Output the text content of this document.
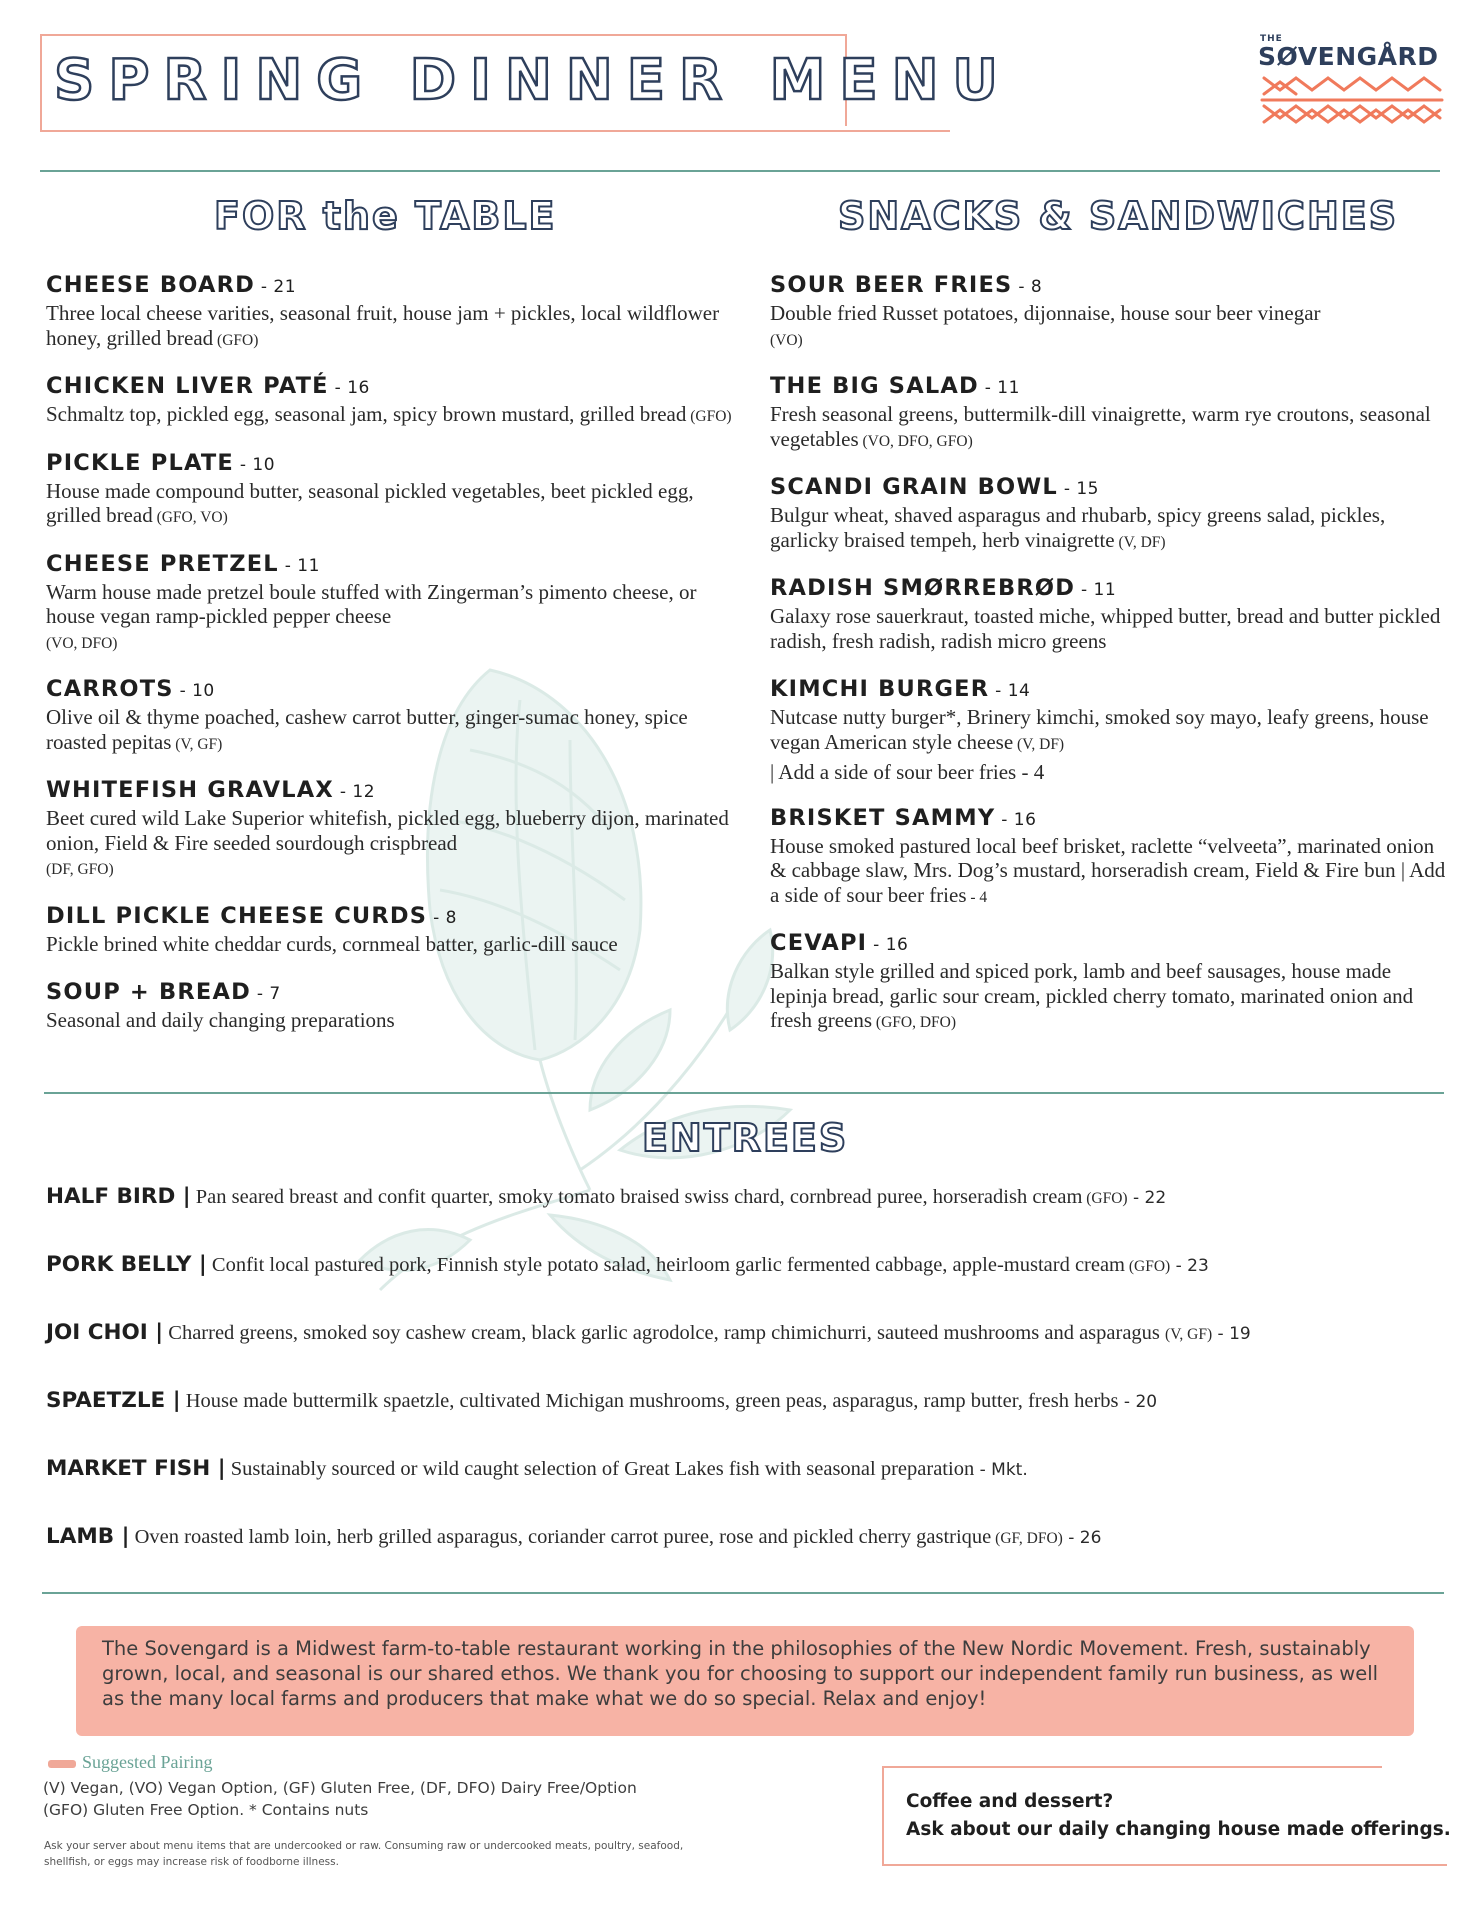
SPRING DINNER MENU
THE
SØVENGÅRD
FOR the TABLE	SNACKS & SANDWICHES
CHEESE BOARD - 21
Three local cheese varities, seasonal fruit, house jam + pickles, local wildflower honey, grilled bread (GFO)
CHICKEN LIVER PATÉ - 16
Schmaltz top, pickled egg, seasonal jam, spicy brown mustard, grilled bread (GFO)
PICKLE PLATE - 10
House made compound butter, seasonal pickled vegetables, beet pickled egg, grilled bread (GFO, VO)
CHEESE PRETZEL - 11
Warm house made pretzel boule stuffed with Zingerman’s pimento cheese, or house vegan ramp-pickled pepper cheese
(VO, DFO)
CARROTS - 10
Olive oil & thyme poached, cashew carrot butter, ginger-sumac honey, spice roasted pepitas (V, GF)
WHITEFISH GRAVLAX - 12
Beet cured wild Lake Superior whitefish, pickled egg, blueberry dijon, marinated onion, Field & Fire seeded sourdough crispbread
(DF, GFO)
DILL PICKLE CHEESE CURDS - 8
Pickle brined white cheddar curds, cornmeal batter, garlic-dill sauce
SOUP + BREAD - 7
Seasonal and daily changing preparations
SOUR BEER FRIES - 8
Double fried Russet potatoes, dijonnaise, house sour beer vinegar
(VO)
THE BIG SALAD - 11
Fresh seasonal greens, buttermilk-dill vinaigrette, warm rye croutons, seasonal vegetables (VO, DFO, GFO)
SCANDI GRAIN BOWL - 15
Bulgur wheat, shaved asparagus and rhubarb, spicy greens salad, pickles, garlicky braised tempeh, herb vinaigrette (V, DF)
RADISH SMØRREBRØD - 11
Galaxy rose sauerkraut, toasted miche, whipped butter, bread and butter pickled radish, fresh radish, radish micro greens
KIMCHI BURGER - 14
Nutcase nutty burger*, Brinery kimchi, smoked soy mayo, leafy greens, house vegan American style cheese (V, DF)
| Add a side of sour beer fries - 4
BRISKET SAMMY - 16
House smoked pastured local beef brisket, raclette “velveeta”, marinated onion & cabbage slaw, Mrs. Dog’s mustard, horseradish cream, Field & Fire bun | Add a side of sour beer fries - 4
CEVAPI - 16
Balkan style grilled and spiced pork, lamb and beef sausages, house made lepinja bread, garlic sour cream, pickled cherry tomato, marinated onion and fresh greens (GFO, DFO)
ENTREES
HALF BIRD | Pan seared breast and confit quarter, smoky tomato braised swiss chard, cornbread puree, horseradish cream (GFO) - 22
PORK BELLY | Confit local pastured pork, Finnish style potato salad, heirloom garlic fermented cabbage, apple-mustard cream (GFO) - 23
JOI CHOI | Charred greens, smoked soy cashew cream, black garlic agrodolce, ramp chimichurri, sauteed mushrooms and asparagus (V, GF) - 19
SPAETZLE | House made buttermilk spaetzle, cultivated Michigan mushrooms, green peas, asparagus, ramp butter, fresh herbs - 20
MARKET FISH | Sustainably sourced or wild caught selection of Great Lakes fish with seasonal preparation - Mkt.
LAMB | Oven roasted lamb loin, herb grilled asparagus, coriander carrot puree, rose and pickled cherry gastrique (GF, DFO) - 26
The Sovengard is a Midwest farm-to-table restaurant working in the philosophies of the New Nordic Movement. Fresh, sustainably grown, local, and seasonal is our shared ethos. We thank you for choosing to support our independent family run business, as well as the many local farms and producers that make what we do so special. Relax and enjoy!
Suggested Pairing
(V) Vegan, (VO) Vegan Option, (GF) Gluten Free, (DF, DFO) Dairy Free/Option
(GFO) Gluten Free Option. * Contains nuts
Ask your server about menu items that are undercooked or raw. Consuming raw or undercooked meats, poultry, seafood, shellfish, or eggs may increase risk of foodborne illness.
Coffee and dessert?
Ask about our daily changing house made offerings.
